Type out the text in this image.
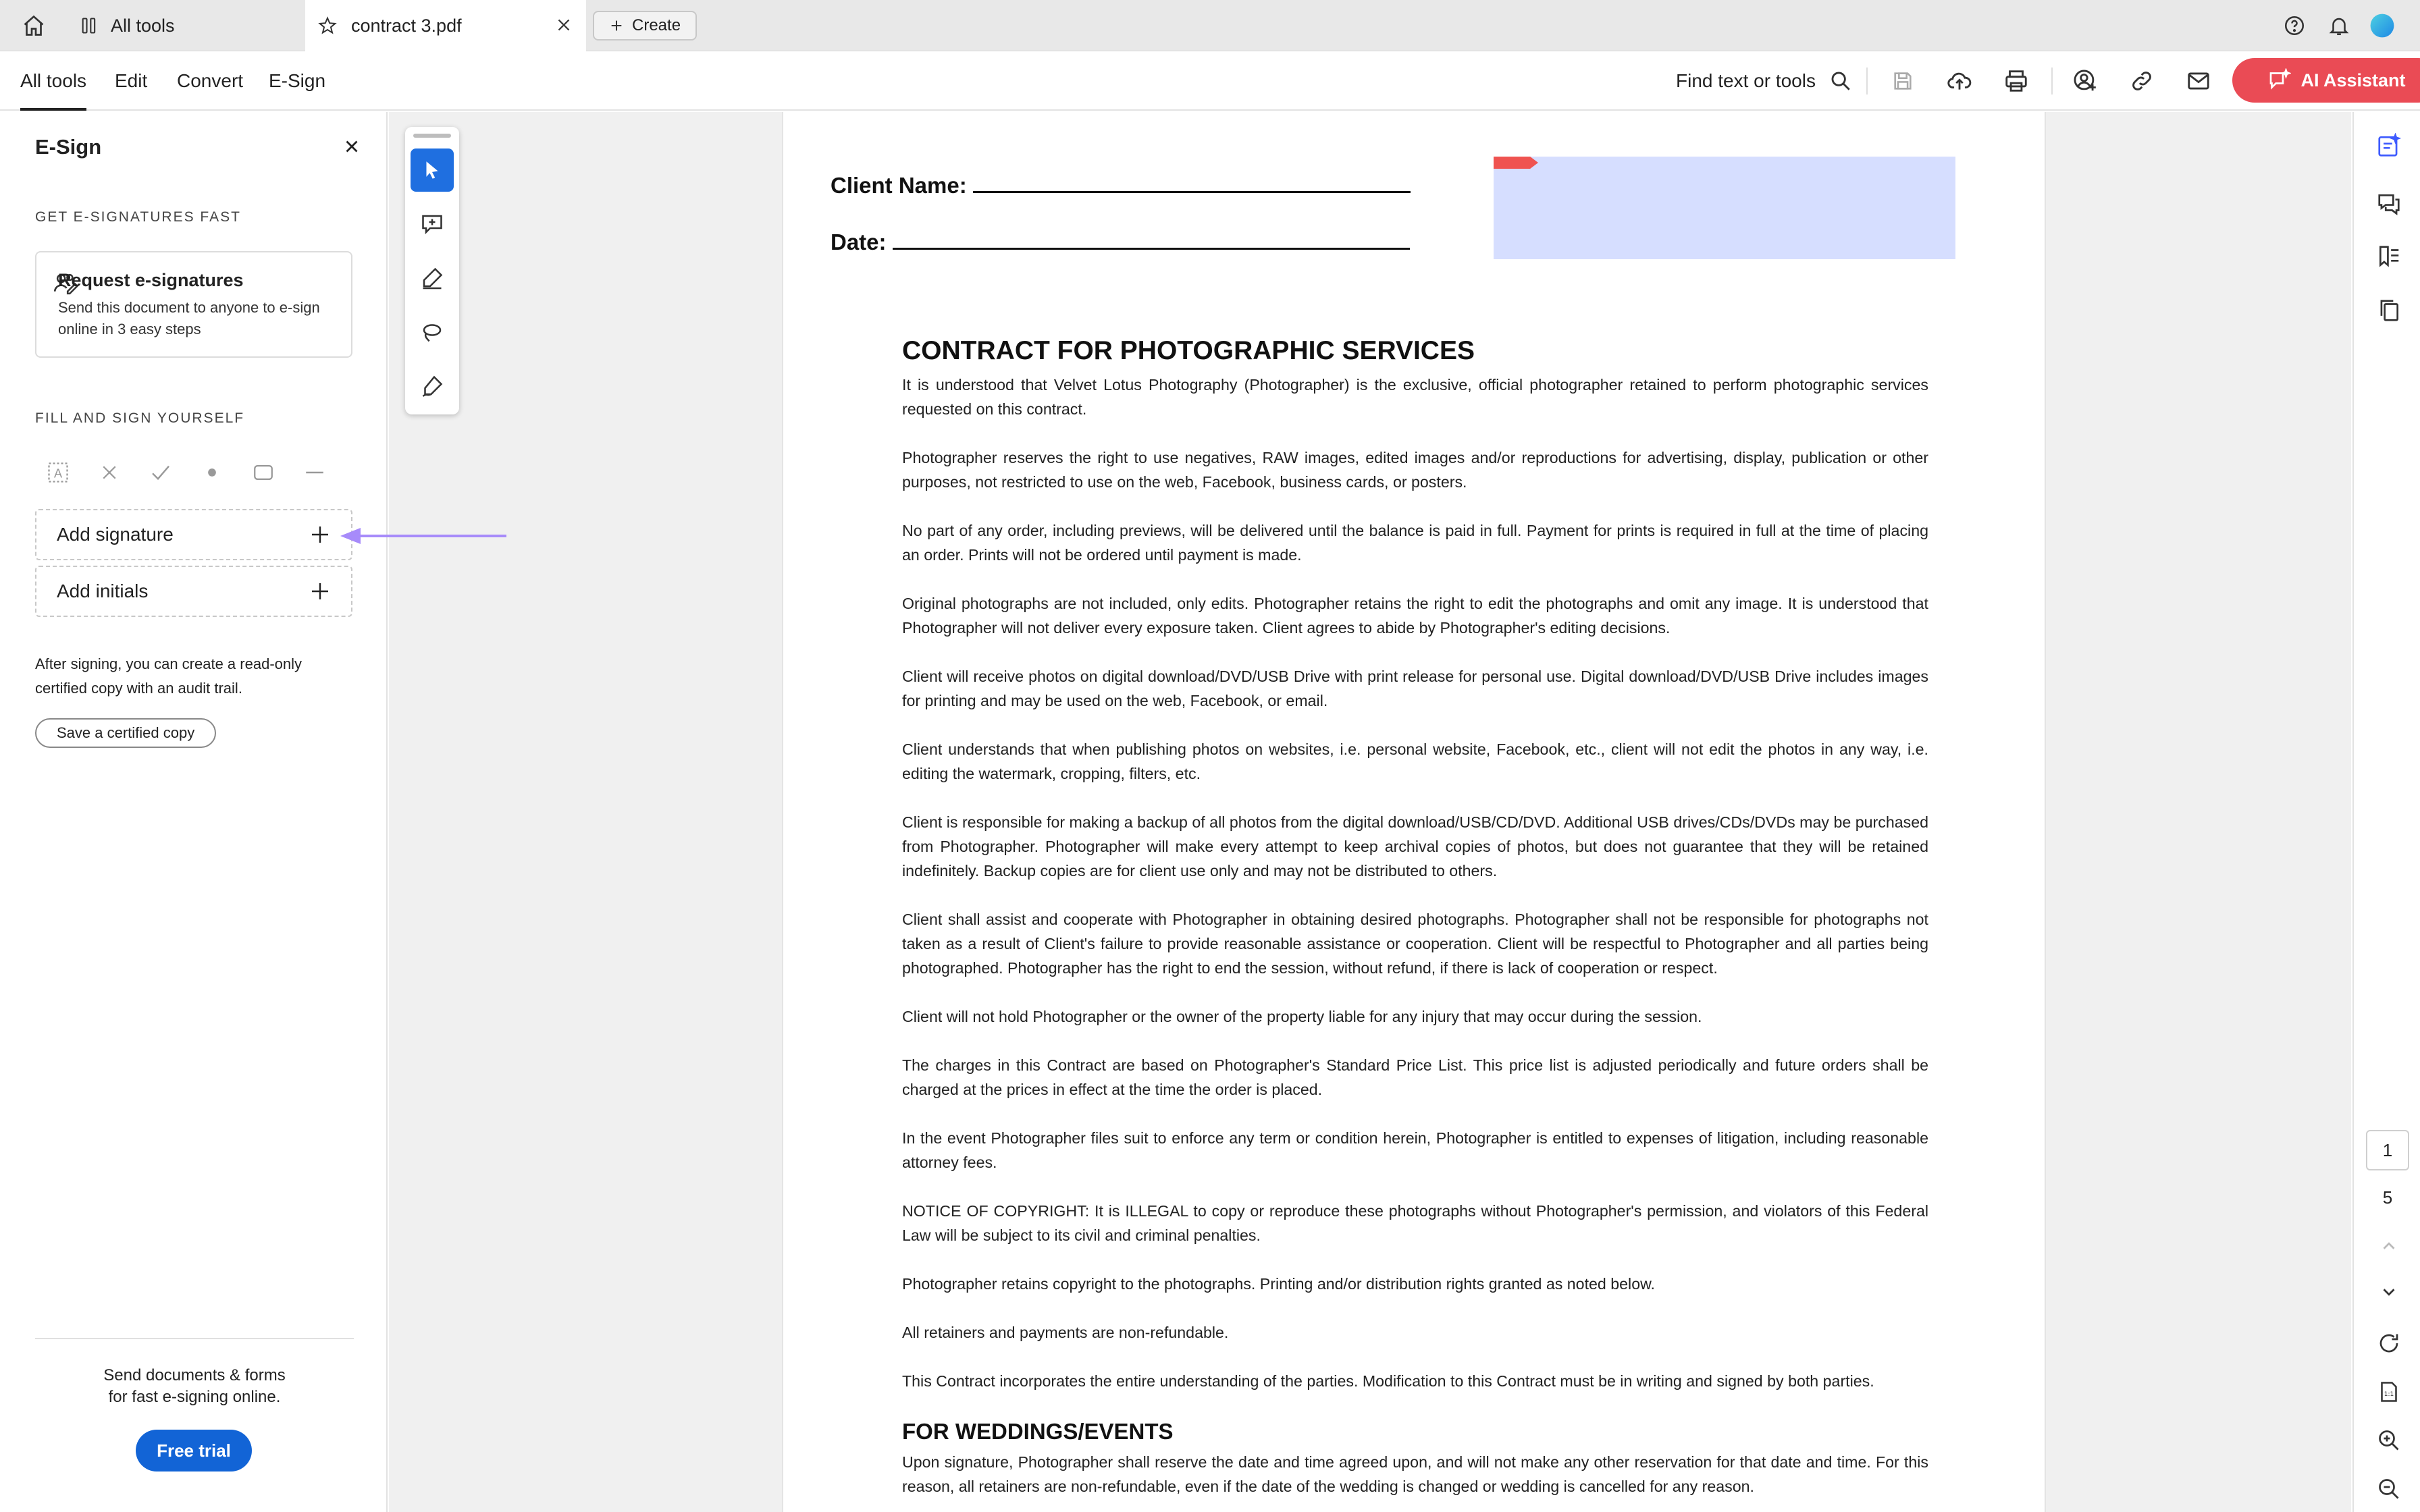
All tools	contract 3.pdf	Create
All tools Edit Convert E-Sign	Find text or tools	AI Assistant
Client Name:
Date:
CONTRACT FOR PHOTOGRAPHIC SERVICES

It is understood that Velvet Lotus Photography (Photographer) is the exclusive, official photographer retained to perform photographic services requested on this contract.

Photographer reserves the right to use negatives, RAW images, edited images and/or reproductions for advertising, display, publication or other purposes, not restricted to use on the web, Facebook, business cards, or posters.

No part of any order, including previews, will be delivered until the balance is paid in full. Payment for prints is required in full at the time of placing an order. Prints will not be ordered until payment is made.

Original photographs are not included, only edits. Photographer retains the right to edit the photographs and omit any image. It is understood that Photographer will not deliver every exposure taken. Client agrees to abide by Photographer's editing decisions.

Client will receive photos on digital download/DVD/USB Drive with print release for personal use. Digital download/DVD/USB Drive includes images for printing and may be used on the web, Facebook, or email.

Client understands that when publishing photos on websites, i.e. personal website, Facebook, etc., client will not edit the photos in any way, i.e. editing the watermark, cropping, filters, etc.

Client is responsible for making a backup of all photos from the digital download/USB/CD/DVD. Additional USB drives/CDs/DVDs may be purchased from Photographer. Photographer will make every attempt to keep archival copies of photos, but does not guarantee that they will be retained indefinitely. Backup copies are for client use only and may not be distributed to others.

Client shall assist and cooperate with Photographer in obtaining desired photographs. Photographer shall not be responsible for photographs not taken as a result of Client's failure to provide reasonable assistance or cooperation. Client will be respectful to Photographer and all parties being photographed. Photographer has the right to end the session, without refund, if there is lack of cooperation or respect.

Client will not hold Photographer or the owner of the property liable for any injury that may occur during the session.

The charges in this Contract are based on Photographer's Standard Price List. This price list is adjusted periodically and future orders shall be charged at the prices in effect at the time the order is placed.

In the event Photographer files suit to enforce any term or condition herein, Photographer is entitled to expenses of litigation, including reasonable attorney fees.

NOTICE OF COPYRIGHT: It is ILLEGAL to copy or reproduce these photographs without Photographer's permission, and violators of this Federal Law will be subject to its civil and criminal penalties.

Photographer retains copyright to the photographs. Printing and/or distribution rights granted as noted below.

All retainers and payments are non-refundable.

This Contract incorporates the entire understanding of the parties. Modification to this Contract must be in writing and signed by both parties.

FOR WEDDINGS/EVENTS
Upon signature, Photographer shall reserve the date and time agreed upon, and will not make any other reservation for that date and time. For this reason, all retainers are non-refundable, even if the date of the wedding is changed or wedding is cancelled for any reason.
E-Sign
GET E-SIGNATURES FAST
Request e-signatures
Send this document to anyone to e-sign online in 3 easy steps
FILL AND SIGN YOURSELF
A
Add signature
Add initials
After signing, you can create a read-only certified copy with an audit trail.
Save a certified copy
Send documents & forms
for fast e-signing online.
Free trial
1
5
1:1
